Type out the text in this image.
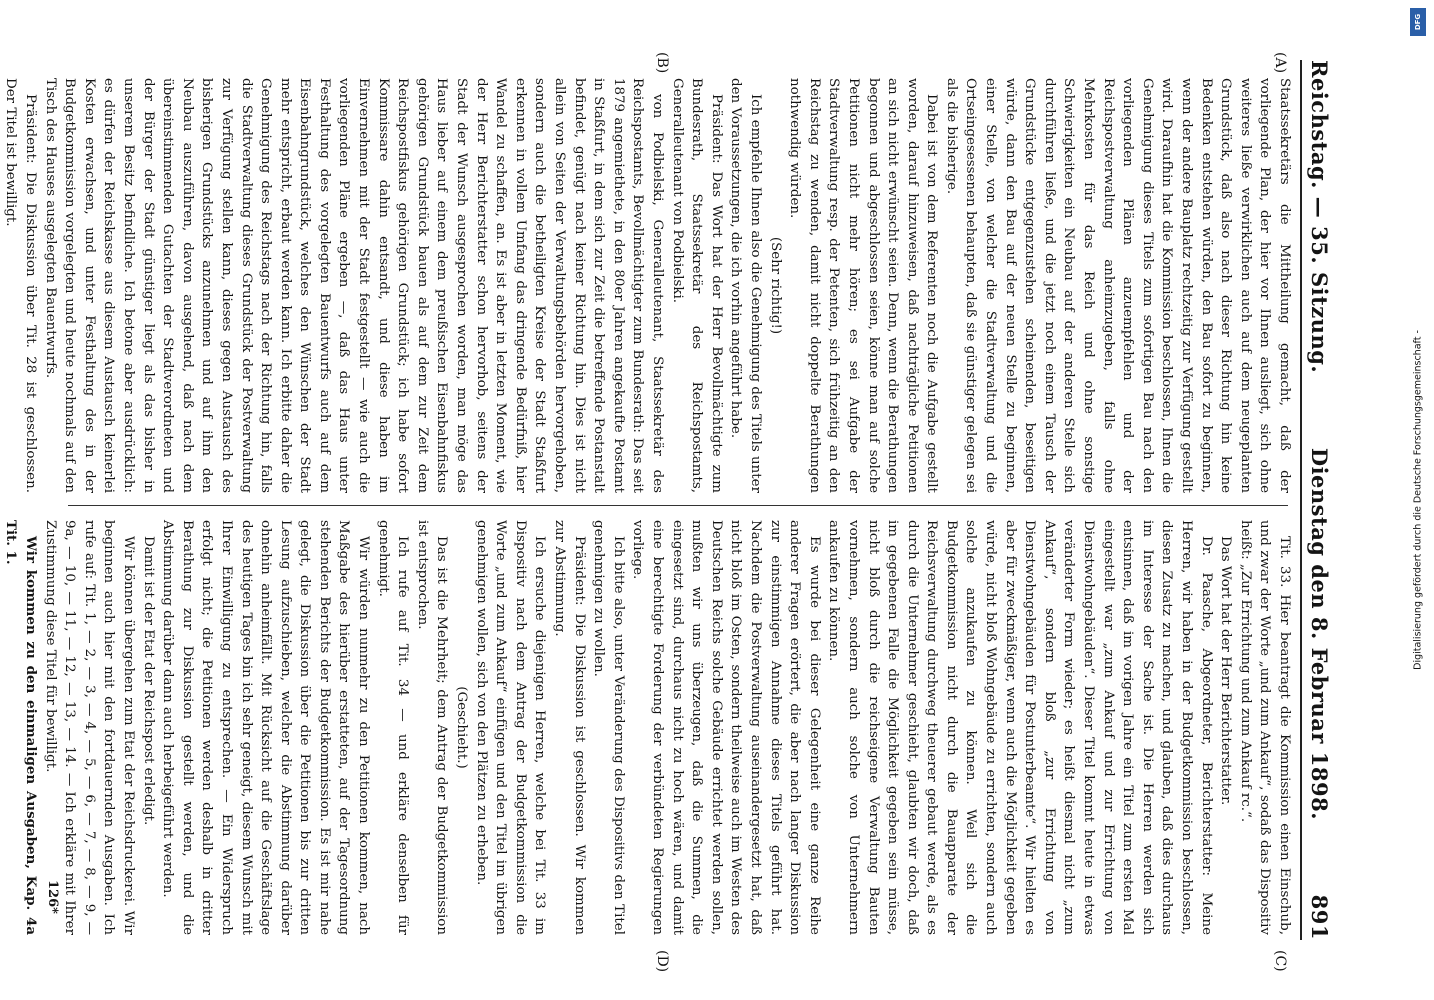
Reichstag. — 35. Sitzung.
Dienstag den 8. Februar 1898.
891
(A)
(B)
(C)
(D)

Staatssekretärs die Mittheilung gemacht, daß der vorliegende Plan, der hier vor Ihnen ausliegt, sich ohne weiteres ließe verwirklichen auch auf dem neugeplanten Grundstück, daß also nach dieser Richtung hin keine Bedenken entstehen würden, den Bau sofort zu beginnen, wenn der andere Bauplatz rechtzeitig zur Verfügung gestellt wird. Daraufhin hat die Kommission beschlossen, Ihnen die Genehmigung dieses Titels zum sofortigen Bau nach den vorliegenden Plänen anzuempfehlen und der Reichspostverwaltung anheimzugeben, falls ohne Mehrkosten für das Reich und ohne sonstige Schwierigkeiten ein Neubau auf der anderen Stelle sich durchführen ließe, und die jetzt noch einem Tausch der Grundstücke entgegenzustehen scheinenden, beseitigen würde, dann den Bau auf der neuen Stelle zu beginnen, einer Stelle, von welcher die Stadtverwaltung und die Ortseingesessenen behaupten, daß sie günstiger gelegen sei als die bisherige.

Dabei ist von dem Referenten noch die Aufgabe gestellt worden, darauf hinzuweisen, daß nachträgliche Petitionen an sich nicht erwünscht seien. Denn, wenn die Berathungen begonnen und abgeschlossen seien, könne man auf solche Petitionen nicht mehr hören; es sei Aufgabe der Stadtverwaltung resp. der Petenten, sich frühzeitig an den Reichstag zu wenden, damit nicht doppelte Berathungen nothwendig würden.

(Sehr richtig!)

Ich empfehle Ihnen also die Genehmigung des Titels unter den Voraussetzungen, die ich vorhin angeführt habe.

Präsident: Das Wort hat der Herr Bevollmächtigte zum Bundesrath, Staatssekretär des Reichspostamts, Generalleutenant von Podbielski.

von Podbielski, Generalleutenant, Staatssekretär des Reichspostamts, Bevollmächtigter zum Bundesrath: Das seit 1879 angemiethete, in den 80er Jahren angekaufte Postamt in Staßfurt, in dem sich zur Zeit die betreffende Postanstalt befindet, genügt nach keiner Richtung hin. Dies ist nicht allein von Seiten der Verwaltungsbehörden hervorgehoben, sondern auch die betheiligten Kreise der Stadt Staßfurt erkennen in vollem Umfang das dringende Bedürfniß, hier Wandel zu schaffen, an. Es ist aber in letzten Moment, wie der Herr Berichterstatter schon hervorhob, seitens der Stadt der Wunsch ausgesprochen worden, man möge das Haus lieber auf einem dem preußischen Eisenbahnfiskus gehörigen Grundstück bauen als auf dem zur Zeit dem Reichspostfiskus gehörigen Grundstück; ich habe sofort Kommissare dahin entsandt, und diese haben im Einvernehmen mit der Stadt festgestellt — wie auch die vorliegenden Pläne ergeben —, daß das Haus unter Festhaltung des vorgelegten Bauentwurfs auch auf dem Eisenbahngrundstück, welches den Wünschen der Stadt mehr entspricht, erbaut werden kann. Ich erbitte daher die Genehmigung des Reichstags nach der Richtung hin, falls die Stadtverwaltung dieses Grundstück der Postverwaltung zur Verfügung stellen kann, dieses gegen Austausch des bisherigen Grundstücks anzunehmen und auf ihm den Neubau auszuführen, davon ausgehend, daß nach dem übereinstimmenden Gutachten der Stadtverordneten und der Bürger der Stadt günstiger liegt als das bisher in unserem Besitz befindliche. Ich betone aber ausdrücklich: es dürfen der Reichskasse aus diesem Austausch keinerlei Kosten erwachsen, und unter Festhaltung des in der Budgetkommission vorgelegten und heute nochmals auf den Tisch des Hauses ausgelegten Bauentwurfs.

Präsident: Die Diskussion über Tit. 28 ist geschlossen. Der Titel ist bewilligt.

Tit. 33. Hier beantragt die Kommission einen Einschub, und zwar der Worte „und zum Ankauf“, sodaß das Dispositiv heißt: „Zur Errichtung und zum Ankauf rc.“.

Das Wort hat der Herr Berichterstatter.

Dr. Paasche, Abgeordneter, Berichterstatter: Meine Herren, wir haben in der Budgetkommission beschlossen, diesen Zusatz zu machen, und glauben, daß dies durchaus im Interesse der Sache ist. Die Herren werden sich entsinnen, daß im vorigen Jahre ein Titel zum ersten Mal eingestellt war „zum Ankauf und zur Errichtung von Dienstwohngebäuden“. Dieser Titel kommt heute in etwas veränderter Form wieder; es heißt diesmal nicht „zum Ankauf“, sondern bloß „zur Errichtung von Dienstwohngebäuden für Postunterbeamte“. Wir hielten es aber für zweckmäßiger, wenn auch die Möglichkeit gegeben würde, nicht bloß Wohngebäude zu errichten, sondern auch solche anzukaufen zu können. Weil sich die Budgetkommission nicht durch die Bauapparate der Reichsverwaltung durchweg theuerer gebaut werde, als es durch die Unternehmer geschieht, glaubten wir doch, daß im gegebenen Falle die Möglichkeit gegeben sein müsse, nicht bloß durch die reichseigene Verwaltung Bauten vornehmen, sondern auch solche von Unternehmern ankaufen zu können.

Es wurde bei dieser Gelegenheit eine ganze Reihe anderer Fragen erörtert, die aber nach langer Diskussion zur einstimmigen Annahme dieses Titels geführt hat. Nachdem die Postverwaltung auseinandergesetzt hat, daß nicht bloß im Osten, sondern theilweise auch im Westen des Deutschen Reichs solche Gebäude errichtet werden sollen, mußten wir uns überzeugen, daß die Summen, die eingesetzt sind, durchaus nicht zu hoch wären, und damit eine berechtigte Forderung der verbündeten Regierungen vorliege.

Ich bitte also, unter Veränderung des Dispositivs den Titel genehmigen zu wollen.

Präsident: Die Diskussion ist geschlossen. Wir kommen zur Abstimmung.

Ich ersuche diejenigen Herren, welche bei Tit. 33 im Dispositiv nach dem Antrag der Budgetkommission die Worte „und zum Ankauf“ einfügen und den Titel im übrigen genehmigen wollen, sich von den Plätzen zu erheben.

(Geschieht.)

Das ist die Mehrheit; dem Antrag der Budgetkommission ist entsprochen.

Ich rufe auf Tit. 34 — und erkläre denselben für genehmigt.

Wir würden nunmehr zu den Petitionen kommen, nach Maßgabe des hierüber erstatteten, auf der Tagesordnung stehenden Berichts der Budgetkommission. Es ist mir nahe gelegt, die Diskussion über die Petitionen bis zur dritten Lesung aufzuschieben, welcher die Abstimmung darüber ohnehin anheimfällt. Mit Rücksicht auf die Geschäftslage des heutigen Tages bin ich sehr geneigt, diesem Wunsch mit Ihrer Einwilligung zu entsprechen. — Ein Widerspruch erfolgt nicht; die Petitionen werden deshalb in dritter Berathung zur Diskussion gestellt werden, und die Abstimmung darüber dann auch herbeigeführt werden.

Damit ist der Etat der Reichspost erledigt.

Wir können übergehen zum Etat der Reichsdruckerei. Wir beginnen auch hier mit den fortdauernden Ausgaben. Ich rufe auf: Tit. 1, — 2, — 3, — 4, — 5, — 6, — 7, — 8, — 9, — 9a, — 10, — 11, — 12, — 13, — 14. — Ich erkläre mit Ihrer Zustimmung diese Titel für bewilligt.

Wir kommen zu den einmaligen Ausgaben, Kap. 4a Tit. 1.

126*
DFG
Digitalisierung gefördert durch die Deutsche Forschungsgemeinschaft -
